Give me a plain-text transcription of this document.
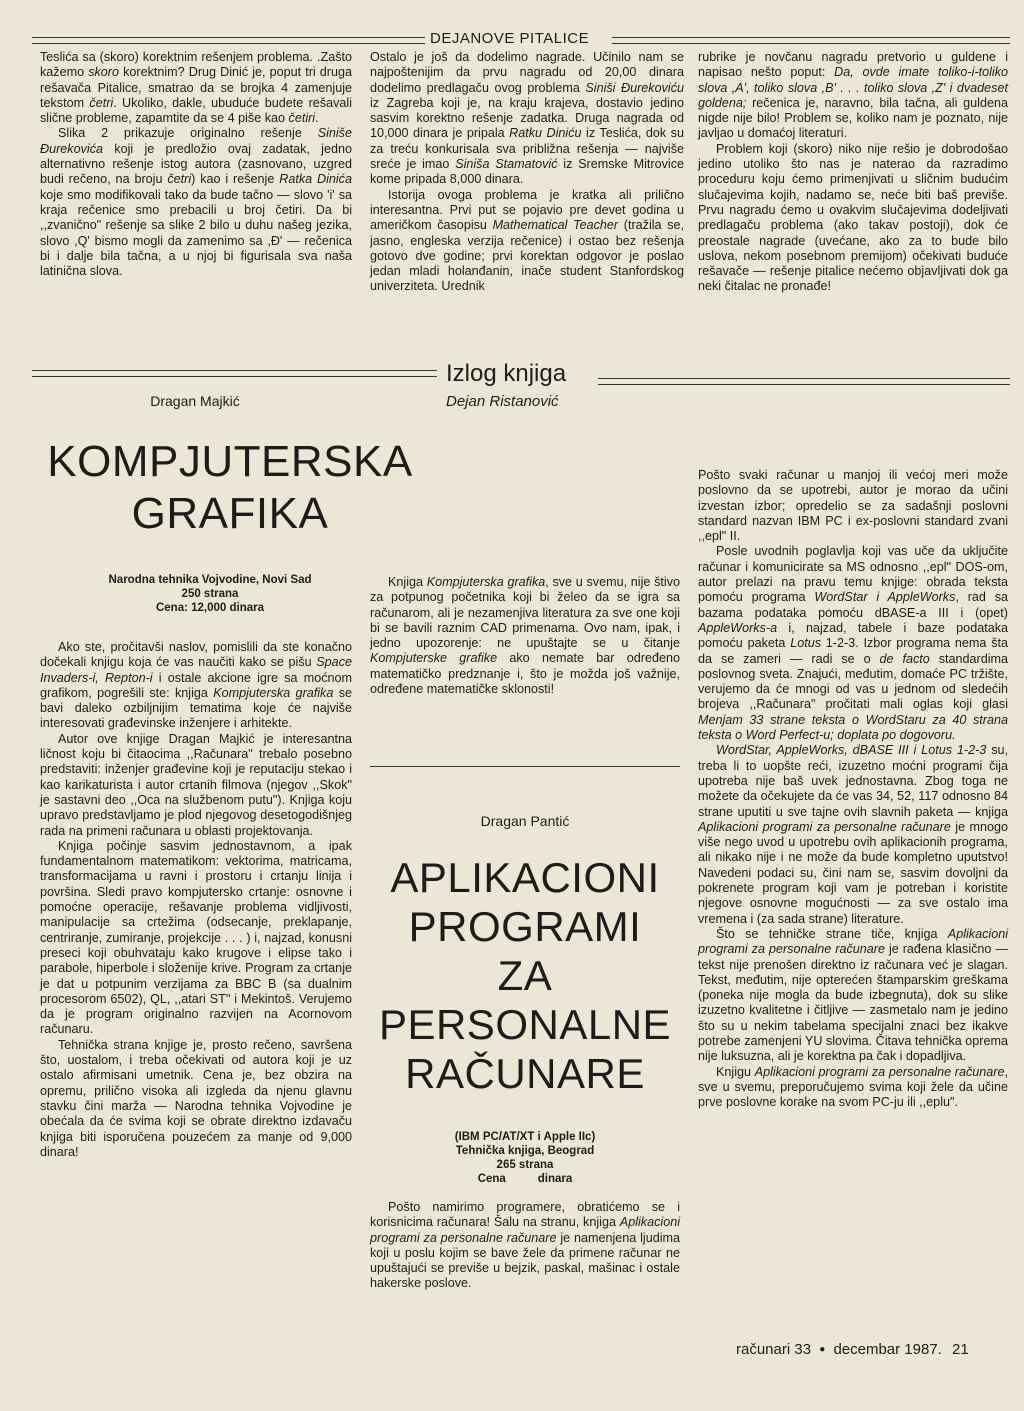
DEJANOVE PITALICE

Teslića sa (skoro) korektnim rešenjem problema. .Zašto kažemo skoro korektnim? Drug Dinić je, poput tri druga rešavača Pitalice, smatrao da se brojka 4 zamenjuje tekstom četri. Ukoliko, dakle, ubuduće budete rešavali slične probleme, zapamtite da se 4 piše kao četiri.

Slika 2 prikazuje originalno rešenje Siniše Đurekovića koji je predložio ovaj zadatak, jedno alternativno rešenje istog autora (zasnovano, uzgred budi rečeno, na broju četri) kao i rešenje Ratka Dinića koje smo modifikovali tako da bude tačno — slovo 'i' sa kraja rečenice smo prebacili u broj četiri. Da bi ,,zvanično" rešenje sa slike 2 bilo u duhu našeg jezika, slovo ,Q' bismo mogli da zamenimo sa ,Đ' — rečenica bi i dalje bila tačna, a u njoj bi figurisala sva naša latinična slova.

Ostalo je još da dodelimo nagrade. Učinilo nam se najpoštenijim da prvu nagradu od 20,00 dinara dodelimo predlagaču ovog problema Siniši Đurekoviću iz Zagreba koji je, na kraju krajeva, dostavio jedino sasvim korektno rešenje zadatka. Druga nagrada od 10,000 dinara je pripala Ratku Diniću iz Teslića, dok su za treću konkurisala sva približna rešenja — najviše sreće je imao Siniša Stamatović iz Sremske Mitrovice kome pripada 8,000 dinara.

Istorija ovoga problema je kratka ali prilično interesantna. Prvi put se pojavio pre devet godina u američkom časopisu Mathematical Teacher (tražila se, jasno, engleska verzija rečenice) i ostao bez rešenja gotovo dve godine; prvi korektan odgovor je poslao jedan mladi holanđanin, inače student Stanfordskog univerziteta. Urednik

rubrike je novčanu nagradu pretvorio u guldene i napisao nešto poput: Da, ovde imate toliko-i-toliko slova ,A', toliko slova ,B' . . . toliko slova ,Z' i dvadeset goldena; rečenica je, naravno, bila tačna, ali guldena nigde nije bilo! Problem se, koliko nam je poznato, nije javljao u domaćoj literaturi.

Problem koji (skoro) niko nije rešio je dobrodošao jedino utoliko što nas je naterao da razradimo proceduru koju ćemo primenjivati u sličnim budućim slučajevima kojih, nadamo se, neće biti baš previše. Prvu nagradu ćemo u ovakvim slučajevima dodeljivati predlagaču problema (ako takav postoji), dok će preostale nagrade (uvećane, ako za to bude bilo uslova, nekom posebnom premijom) očekivati buduće rešavače — rešenje pitalice nećemo objavljivati dok ga neki čitalac ne pronađe!

Izlog knjiga
Dejan Ristanović
Dragan Majkić
KOMPJUTERSKA
GRAFIKA
Narodna tehnika Vojvodine, Novi Sad
250 strana
Cena: 12,000 dinara

Ako ste, pročitavši naslov, pomislili da ste konačno dočekali knjigu koja će vas naučiti kako se pišu Space Invaders-i, Repton-i i ostale akcione igre sa moćnom grafikom, pogrešili ste: knjiga Kompjuterska grafika se bavi daleko ozbiljnijim tematima koje će najviše interesovati građevinske inženjere i arhitekte.

Autor ove knjige Dragan Majkić je interesantna ličnost koju bi čitaocima ,,Računara" trebalo posebno predstaviti: inženjer građevine koji je reputaciju stekao i kao karikaturista i autor crtanih filmova (njegov ,,Skok" je sastavni deo ,,Oca na službenom putu"). Knjiga koju upravo predstavljamo je plod njegovog desetogodišnjeg rada na primeni računara u oblasti projektovanja.

Knjiga počinje sasvim jednostavnom, a ipak fundamentalnom matematikom: vektorima, matricama, transformacijama u ravni i prostoru i crtanju linija i površina. Sledi pravo kompjutersko crtanje: osnovne i pomoćne operacije, rešavanje problema vidljivosti, manipulacije sa crtežima (odsecanje, preklapanje, centriranje, zumiranje, projekcije . . . ) i, najzad, konusni preseci koji obuhvataju kako krugove i elipse tako i parabole, hiperbole i složenije krive. Program za crtanje je dat u potpunim verzijama za BBC B (sa dualnim procesorom 6502), QL, ,,atari ST" i Mekintoš. Verujemo da je program originalno razvijen na Acornovom računaru.

Tehnička strana knjige je, prosto rečeno, savršena što, uostalom, i treba očekivati od autora koji je uz ostalo afirmisani umetnik. Cena je, bez obzira na opremu, prilično visoka ali izgleda da njenu glavnu stavku čini marža — Narodna tehnika Vojvodine je obećala da će svima koji se obrate direktno izdavaču knjiga biti isporučena pouzećem za manje od 9,000 dinara!

Knjiga Kompjuterska grafika, sve u svemu, nije štivo za potpunog početnika koji bi želeo da se igra sa računarom, ali je nezamenjiva literatura za sve one koji bi se bavili raznim CAD primenama. Ovo nam, ipak, i jedno upozorenje: ne upuštajte se u čitanje Kompjuterske grafike ako nemate bar određeno matematičko predznanje i, što je možda još važnije, određene matematičke sklonosti!

Dragan Pantić
APLIKACIONI
PROGRAMI
ZA
PERSONALNE
RAČUNARE
(IBM PC/AT/XT i Apple IIc)
Tehnička knjiga, Beograd
265 strana
Cena          dinara

Pošto namirimo programere, obratićemo se i korisnicima računara! Šalu na stranu, knjiga Aplikacioni programi za personalne računare je namenjena ljudima koji u poslu kojim se bave žele da primene računar ne upuštajući se previše u bejzik, paskal, mašinac i ostale hakerske poslove.

Pošto svaki računar u manjoj ili većoj meri može poslovno da se upotrebi, autor je morao da učini izvestan izbor; opredelio se za sadašnji poslovni standard nazvan IBM PC i ex-poslovni standard zvani ,,epl" II.

Posle uvodnih poglavlja koji vas uče da uključite računar i komunicirate sa MS odnosno ,,epl" DOS-om, autor prelazi na pravu temu knjige: obrada teksta pomoću programa WordStar i AppleWorks, rad sa bazama podataka pomoću dBASE-a III i (opet) AppleWorks-a i, najzad, tabele i baze podataka pomoću paketa Lotus 1-2-3. Izbor programa nema šta da se zameri — radi se o de facto standardima poslovnog sveta. Znajući, međutim, domaće PC tržište, verujemo da će mnogi od vas u jednom od sledećih brojeva ,,Računara" pročitati mali oglas koji glasi Menjam 33 strane teksta o WordStaru za 40 strana teksta o Word Perfect-u; doplata po dogovoru.

WordStar, AppleWorks, dBASE III i Lotus 1-2-3 su, treba li to uopšte reći, izuzetno moćni programi čija upotreba nije baš uvek jednostavna. Zbog toga ne možete da očekujete da će vas 34, 52, 117 odnosno 84 strane uputiti u sve tajne ovih slavnih paketa — knjiga Aplikacioni programi za personalne računare je mnogo više nego uvod u upotrebu ovih aplikacionih programa, ali nikako nije i ne može da bude kompletno uputstvo! Navedeni podaci su, čini nam se, sasvim dovoljni da pokrenete program koji vam je potreban i koristite njegove osnovne mogućnosti — za sve ostalo ima vremena i (za sada strane) literature.

Što se tehničke strane tiče, knjiga Aplikacioni programi za personalne računare je rađena klasično — tekst nije prenošen direktno iz računara već je slagan. Tekst, međutim, nije opterećen štamparskim greškama (poneka nije mogla da bude izbegnuta), dok su slike izuzetno kvalitetne i čitljive — zasmetalo nam je jedino što su u nekim tabelama specijalni znaci bez ikakve potrebe zamenjeni YU slovima. Čitava tehnička oprema nije luksuzna, ali je korektna pa čak i dopadljiva.

Knjigu Aplikacioni programi za personalne računare, sve u svemu, preporučujemo svima koji žele da učine prve poslovne korake na svom PC-ju ili ,,eplu".

računari 33 ● decembar 1987. 21
